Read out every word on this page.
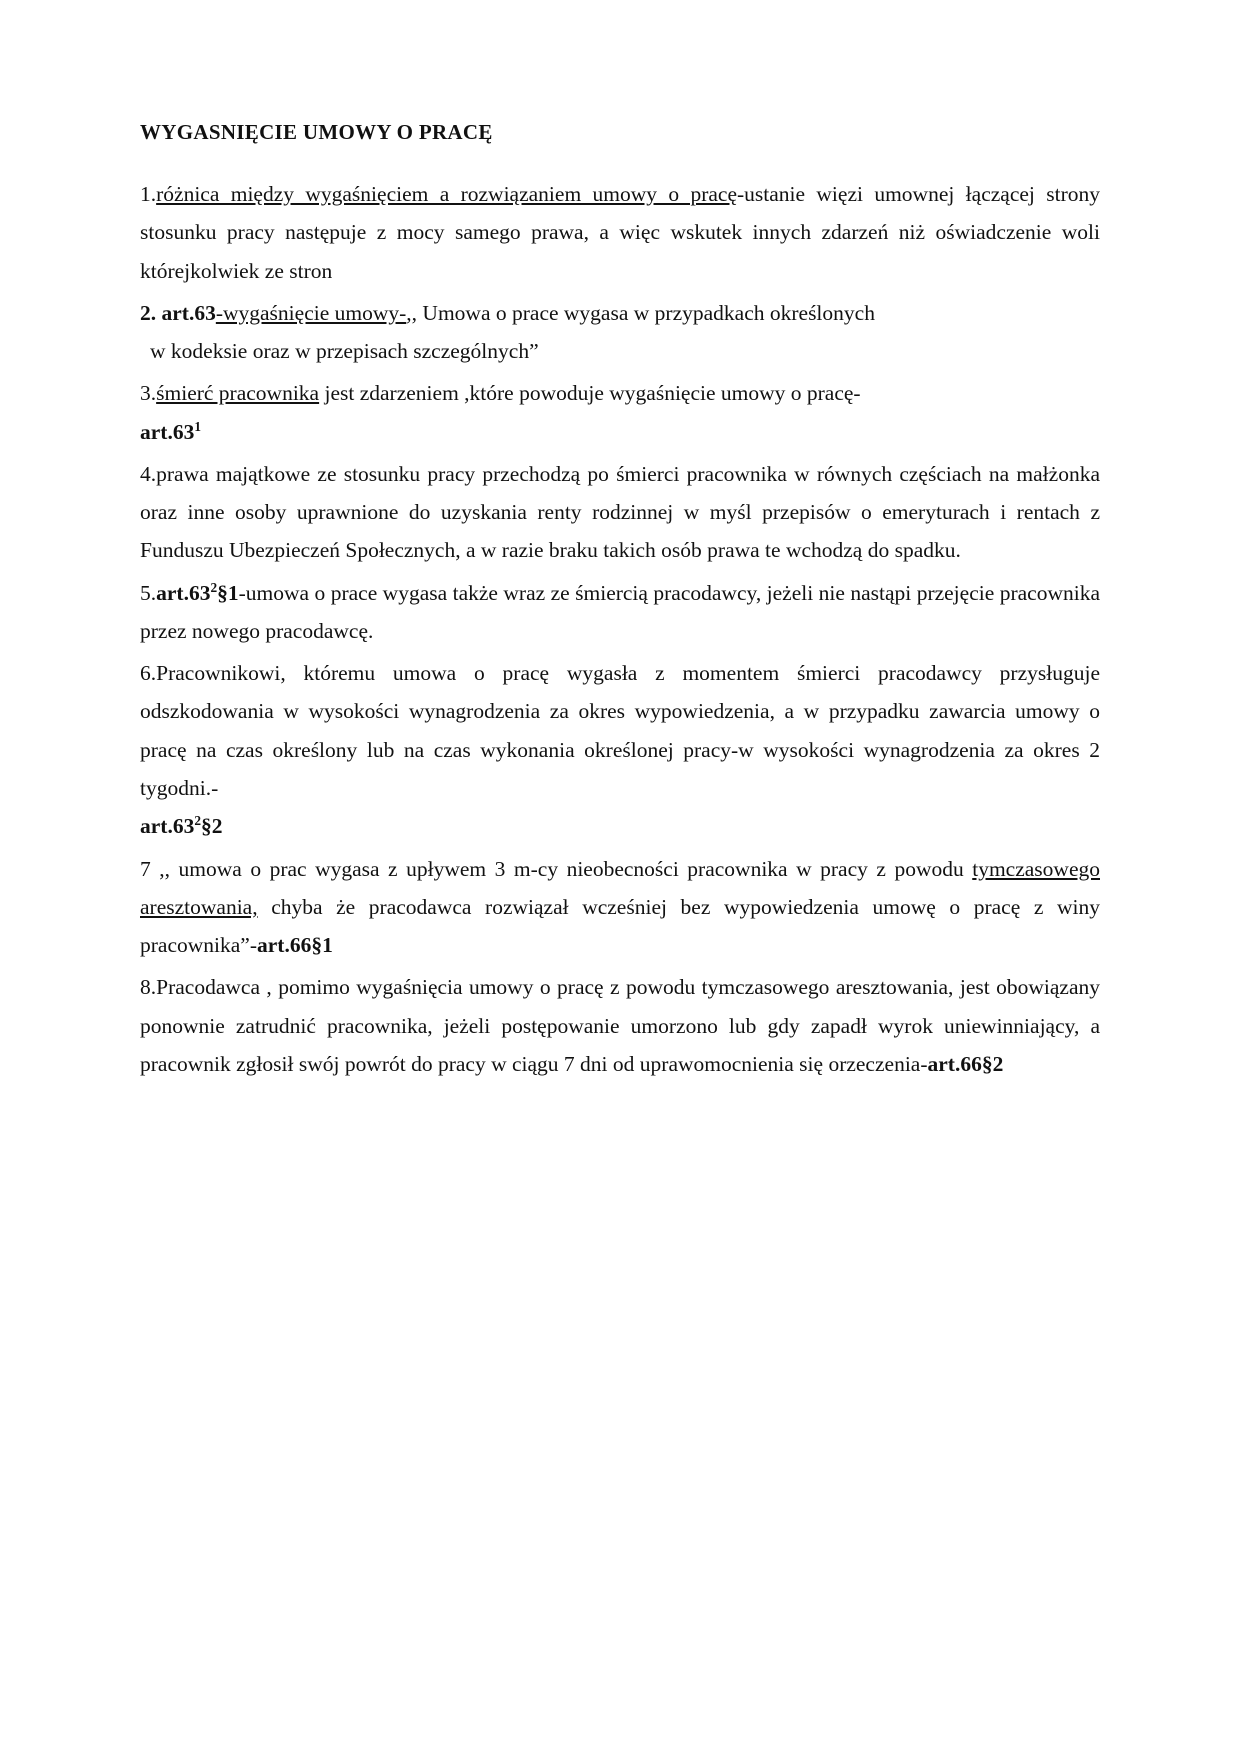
WYGASNIĘCIE UMOWY O PRACĘ

1.różnica między wygaśnięciem a rozwiązaniem umowy o pracę-ustanie więzi umownej łączącej strony stosunku pracy następuje z mocy samego prawa, a więc wskutek innych zdarzeń niż oświadczenie woli którejkolwiek ze stron

2. art.63-wygaśnięcie umowy-,, Umowa o prace wygasa w przypadkach określonych
w kodeksie oraz w przepisach szczególnych”

3.śmierć pracownika jest zdarzeniem ,które powoduje wygaśnięcie umowy o pracę-
$art.63^1$

4.prawa majątkowe ze stosunku pracy przechodzą po śmierci pracownika w równych częściach na małżonka oraz inne osoby uprawnione do uzyskania renty rodzinnej w myśl przepisów o emeryturach i rentach z Funduszu Ubezpieczeń Społecznych, a w razie braku takich osób prawa te wchodzą do spadku.

$5.art.63^2\S 1$-umowa o prace wygasa także wraz ze śmiercią pracodawcy, jeżeli nie nastąpi przejęcie pracownika przez nowego pracodawcę.

6.Pracownikowi, któremu umowa o pracę wygasła z momentem śmierci pracodawcy przysługuje odszkodowania w wysokości wynagrodzenia za okres wypowiedzenia, a w przypadku zawarcia umowy o pracę na czas określony lub na czas wykonania określonej pracy-w wysokości wynagrodzenia za okres 2 tygodni.-
$art.63^2\S 2$

7 ,, umowa o prac wygasa z upływem 3 m-cy nieobecności pracownika w pracy z powodu tymczasowego aresztowania, chyba że pracodawca rozwiązał wcześniej bez wypowiedzenia umowę o pracę z winy pracownika”-art.66§1

8.Pracodawca , pomimo wygaśnięcia umowy o pracę z powodu tymczasowego aresztowania, jest obowiązany ponownie zatrudnić pracownika, jeżeli postępowanie umorzono lub gdy zapadł wyrok uniewinniający, a pracownik zgłosił swój powrót do pracy w ciągu 7 dni od uprawomocnienia się orzeczenia-art.66§2
